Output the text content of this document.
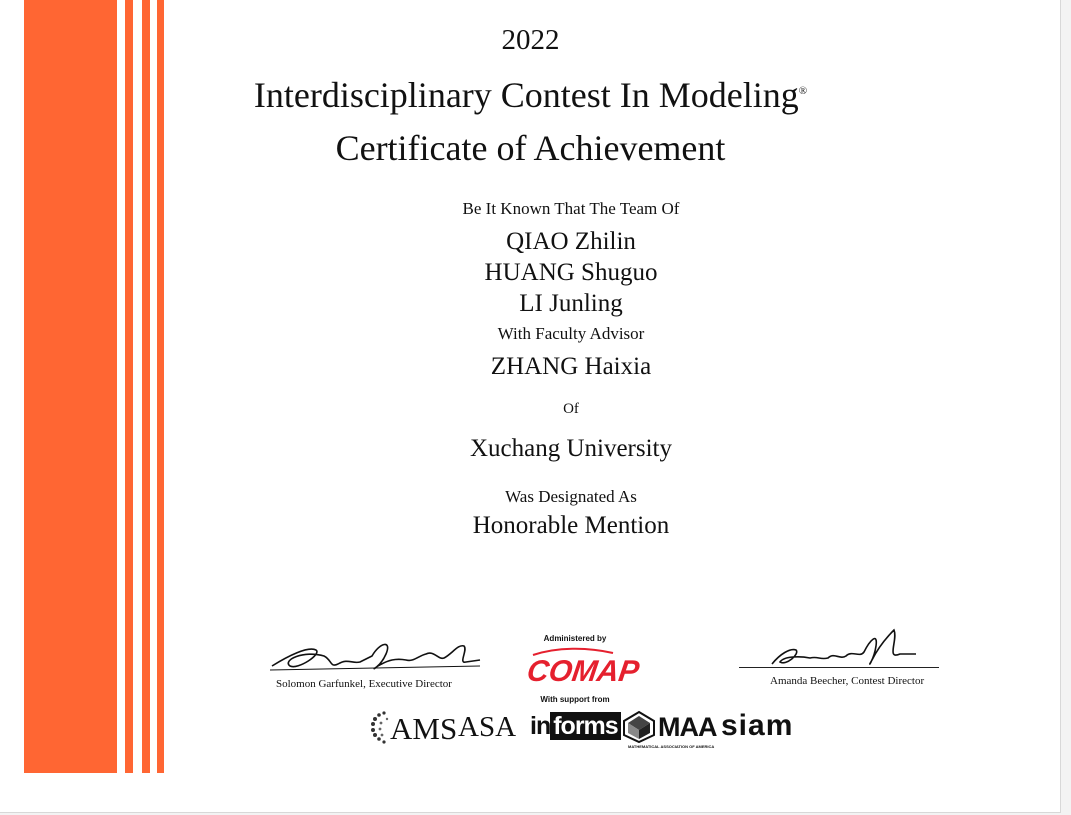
2022
Interdisciplinary Contest In Modeling®
Certificate of Achievement
Be It Known That The Team Of
QIAO Zhilin
HUANG Shuguo
LI Junling
With Faculty Advisor
ZHANG Haixia
Of
Xuchang University
Was Designated As
Honorable Mention
Solomon Garfunkel, Executive Director	Amanda Beecher, Contest Director
Administered by
COMAP
With support from
AMS ASA in forms MAA
MATHEMATICAL ASSOCIATION OF AMERICA
siam
